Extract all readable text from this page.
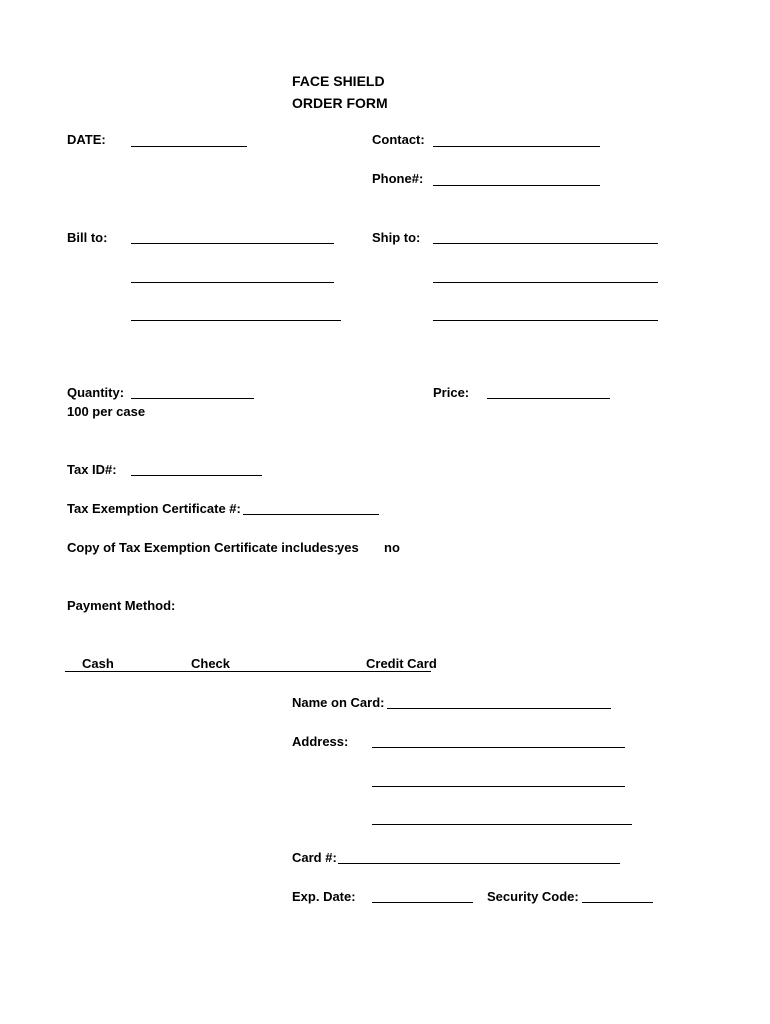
FACE SHIELD
ORDER FORM
DATE:	Contact:
Phone#:
Bill to:	Ship to:
Quantity:
100 per case
Price:
Tax ID#:
Tax Exemption Certificate #:
Copy of Tax Exemption Certificate includes:
yes no
Payment Method:
Cash	Check	Credit Card
Name on Card:
Address:
Card #:
Exp. Date:	Security Code:
